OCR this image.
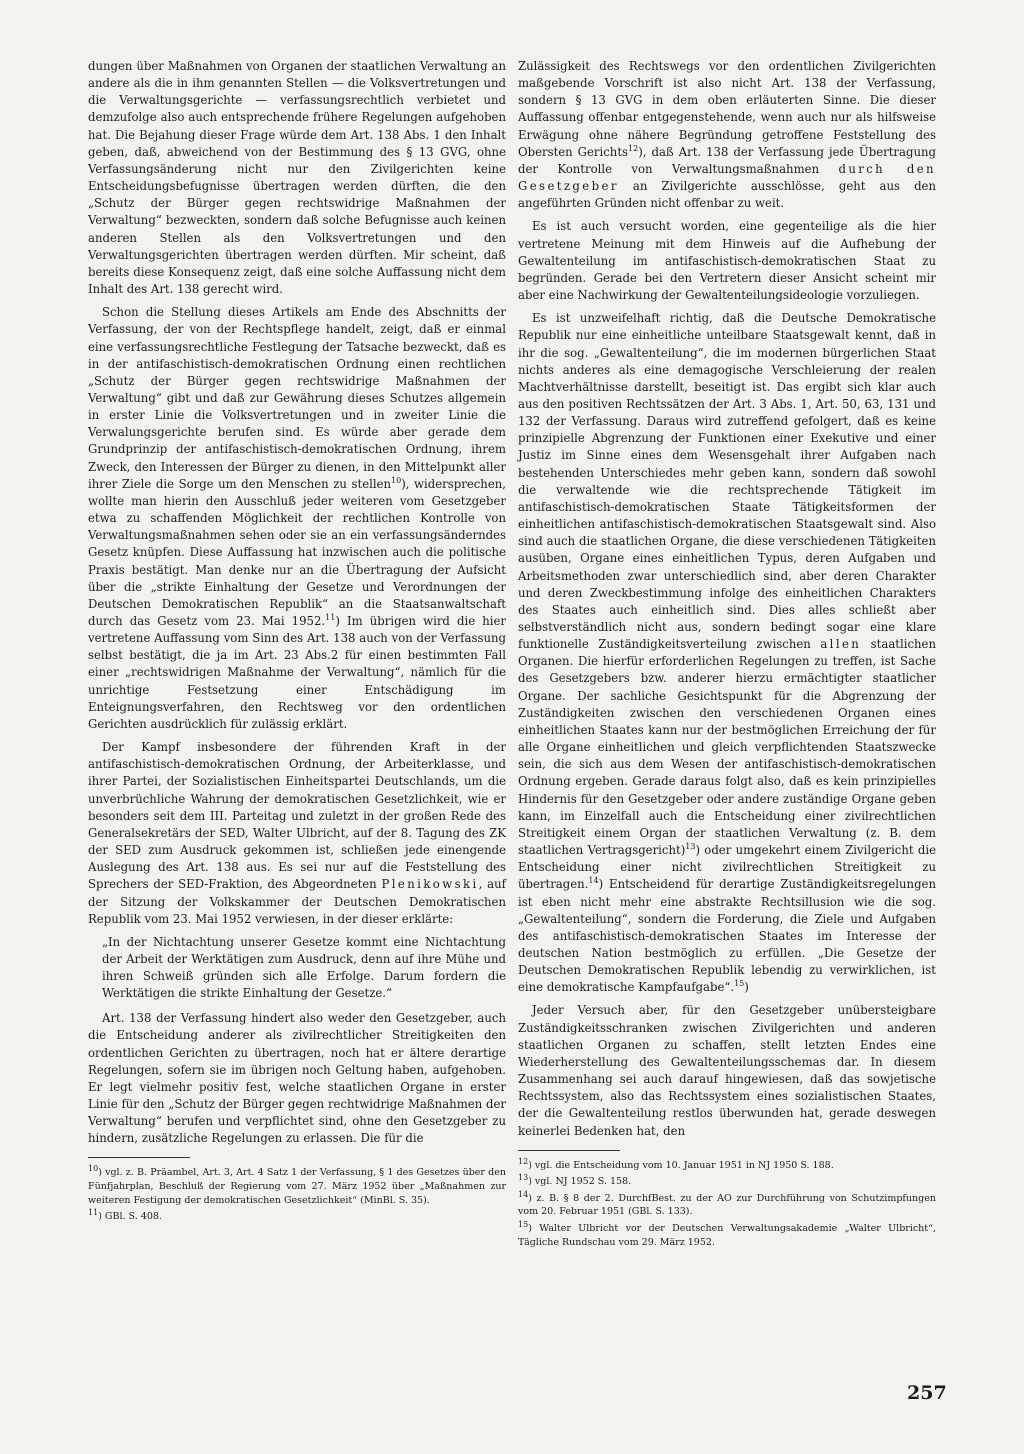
dungen über Maßnahmen von Organen der staatlichen Verwaltung an andere als die in ihm genannten Stellen — die Volksvertretungen und die Verwaltungsgerichte — verfassungsrechtlich verbietet und demzufolge also auch entsprechende frühere Regelungen aufgehoben hat. Die Bejahung dieser Frage würde dem Art. 138 Abs. 1 den Inhalt geben, daß, abweichend von der Bestimmung des § 13 GVG, ohne Verfassungsänderung nicht nur den Zivilgerichten keine Entscheidungsbefugnisse übertragen werden dürften, die den „Schutz der Bürger gegen rechtswidrige Maßnahmen der Verwaltung“ bezweckten, sondern daß solche Befugnisse auch keinen anderen Stellen als den Volksvertretungen und den Verwaltungsgerichten übertragen werden dürften. Mir scheint, daß bereits diese Konsequenz zeigt, daß eine solche Auffassung nicht dem Inhalt des Art. 138 gerecht wird.

Schon die Stellung dieses Artikels am Ende des Abschnitts der Verfassung, der von der Rechtspflege handelt, zeigt, daß er einmal eine verfassungsrechtliche Festlegung der Tatsache bezweckt, daß es in der antifaschistisch-demokratischen Ordnung einen rechtlichen „Schutz der Bürger gegen rechtswidrige Maßnahmen der Verwaltung“ gibt und daß zur Gewährung dieses Schutzes allgemein in erster Linie die Volksvertretungen und in zweiter Linie die Verwalungsgerichte berufen sind. Es würde aber gerade dem Grundprinzip der antifaschistisch-demokratischen Ordnung, ihrem Zweck, den Interessen der Bürger zu dienen, in den Mittelpunkt aller ihrer Ziele die Sorge um den Menschen zu stellen$^{10}$), widersprechen, wollte man hierin den Ausschluß jeder weiteren vom Gesetzgeber etwa zu schaffenden Möglichkeit der rechtlichen Kontrolle von Verwaltungsmaßnahmen sehen oder sie an ein verfassungsänderndes Gesetz knüpfen. Diese Auffassung hat inzwischen auch die politische Praxis bestätigt. Man denke nur an die Übertragung der Aufsicht über die „strikte Einhaltung der Gesetze und Verordnungen der Deutschen Demokratischen Republik“ an die Staatsanwaltschaft durch das Gesetz vom 23. Mai 1952.11) Im übrigen wird die hier vertretene Auffassung vom Sinn des Art. 138 auch von der Verfassung selbst bestätigt, die ja im Art. 23 Abs.2 für einen bestimmten Fall einer „rechtswidrigen Maßnahme der Verwaltung“, nämlich für die unrichtige Festsetzung einer Entschädigung im Enteignungsverfahren, den Rechtsweg vor den ordentlichen Gerichten ausdrücklich für zulässig erklärt.

Der Kampf insbesondere der führenden Kraft in der antifaschistisch-demokratischen Ordnung, der Arbeiterklasse, und ihrer Partei, der Sozialistischen Einheitspartei Deutschlands, um die unverbrüchliche Wahrung der demokratischen Gesetzlichkeit, wie er besonders seit dem III. Parteitag und zuletzt in der großen Rede des Generalsekretärs der SED, Walter Ulbricht, auf der 8. Tagung des ZK der SED zum Ausdruck gekommen ist, schließen jede einengende Auslegung des Art. 138 aus. Es sei nur auf die Feststellung des Sprechers der SED-Fraktion, des Abgeordneten Plenikowski, auf der Sitzung der Volkskammer der Deutschen Demokratischen Republik vom 23. Mai 1952 verwiesen, in der dieser erklärte:

„In der Nichtachtung unserer Gesetze kommt eine Nichtachtung der Arbeit der Werktätigen zum Ausdruck, denn auf ihre Mühe und ihren Schweiß gründen sich alle Erfolge. Darum fordern die Werktätigen die strikte Einhaltung der Gesetze.“

Art. 138 der Verfassung hindert also weder den Gesetzgeber, auch die Entscheidung anderer als zivilrechtlicher Streitigkeiten den ordentlichen Gerichten zu übertragen, noch hat er ältere derartige Regelungen, sofern sie im übrigen noch Geltung haben, aufgehoben. Er legt vielmehr positiv fest, welche staatlichen Organe in erster Linie für den „Schutz der Bürger gegen rechtwidrige Maßnahmen der Verwaltung“ berufen und verpflichtet sind, ohne den Gesetzgeber zu hindern, zusätzliche Regelungen zu erlassen. Die für die

$^{10}$) vgl. z. B. Präambel, Art. 3, Art. 4 Satz 1 der Verfassung, § 1 des Gesetzes über den Fünfjahrplan, Beschluß der Regierung vom 27. März 1952 über „Maßnahmen zur weiteren Festigung der demokratischen Gesetzlichkeit“ (MinBl. S. 35).

$^{11}$) GBl. S. 408.

Zulässigkeit des Rechtswegs vor den ordentlichen Zivilgerichten maßgebende Vorschrift ist also nicht Art. 138 der Verfassung, sondern § 13 GVG in dem oben erläuterten Sinne. Die dieser Auffassung offenbar entgegenstehende, wenn auch nur als hilfsweise Erwägung ohne nähere Begründung getroffene Feststellung des Obersten Gerichts$^{12}$), daß Art. 138 der Verfassung jede Übertragung der Kontrolle von Verwaltungsmaßnahmen durch den Gesetzgeber an Zivilgerichte ausschlösse, geht aus den angeführten Gründen nicht offenbar zu weit.

Es ist auch versucht worden, eine gegenteilige als die hier vertretene Meinung mit dem Hinweis auf die Aufhebung der Gewaltenteilung im antifaschistisch-demokratischen Staat zu begründen. Gerade bei den Vertretern dieser Ansicht scheint mir aber eine Nachwirkung der Gewaltenteilungsideologie vorzuliegen.

Es ist unzweifelhaft richtig, daß die Deutsche Demokratische Republik nur eine einheitliche unteilbare Staatsgewalt kennt, daß in ihr die sog. „Gewaltenteilung“, die im modernen bürgerlichen Staat nichts anderes als eine demagogische Verschleierung der realen Machtverhältnisse darstellt, beseitigt ist. Das ergibt sich klar auch aus den positiven Rechtssätzen der Art. 3 Abs. 1, Art. 50, 63, 131 und 132 der Verfassung. Daraus wird zutreffend gefolgert, daß es keine prinzipielle Abgrenzung der Funktionen einer Exekutive und einer Justiz im Sinne eines dem Wesensgehalt ihrer Aufgaben nach bestehenden Unterschiedes mehr geben kann, sondern daß sowohl die verwaltende wie die rechtsprechende Tätigkeit im antifaschistisch-demokratischen Staate Tätigkeitsformen der einheitlichen antifaschistisch-demokratischen Staatsgewalt sind. Also sind auch die staatlichen Organe, die diese verschiedenen Tätigkeiten ausüben, Organe eines einheitlichen Typus, deren Aufgaben und Arbeitsmethoden zwar unterschiedlich sind, aber deren Charakter und deren Zweckbestimmung infolge des einheitlichen Charakters des Staates auch einheitlich sind. Dies alles schließt aber selbstverständlich nicht aus, sondern bedingt sogar eine klare funktionelle Zuständigkeitsverteilung zwischen allen staatlichen Organen. Die hierfür erforderlichen Regelungen zu treffen, ist Sache des Gesetzgebers bzw. anderer hierzu ermächtigter staatlicher Organe. Der sachliche Gesichtspunkt für die Abgrenzung der Zuständigkeiten zwischen den verschiedenen Organen eines einheitlichen Staates kann nur der bestmöglichen Erreichung der für alle Organe einheitlichen und gleich verpflichtenden Staatszwecke sein, die sich aus dem Wesen der antifaschistisch-demokratischen Ordnung ergeben. Gerade daraus folgt also, daß es kein prinzipielles Hindernis für den Gesetzgeber oder andere zuständige Organe geben kann, im Einzelfall auch die Entscheidung einer zivilrechtlichen Streitigkeit einem Organ der staatlichen Verwaltung (z. B. dem staatlichen Vertragsgericht)$^{13}$) oder umgekehrt einem Zivilgericht die Entscheidung einer nicht zivilrechtlichen Streitigkeit zu übertragen.$^{14}$) Entscheidend für derartige Zuständigkeitsregelungen ist eben nicht mehr eine abstrakte Rechtsillusion wie die sog. „Gewaltenteilung“, sondern die Forderung, die Ziele und Aufgaben des antifaschistisch-demokratischen Staates im Interesse der deutschen Nation bestmöglich zu erfüllen. „Die Gesetze der Deutschen Demokratischen Republik lebendig zu verwirklichen, ist eine demokratische Kampfaufgabe“.$^{15}$)

Jeder Versuch aber, für den Gesetzgeber unübersteigbare Zuständigkeitsschranken zwischen Zivilgerichten und anderen staatlichen Organen zu schaffen, stellt letzten Endes eine Wiederherstellung des Gewaltenteilungsschemas dar. In diesem Zusammenhang sei auch darauf hingewiesen, daß das sowjetische Rechtssystem, also das Rechtssystem eines sozialistischen Staates, der die Gewaltenteilung restlos überwunden hat, gerade deswegen keinerlei Bedenken hat, den

$^{12}$) vgl. die Entscheidung vom 10. Januar 1951 in NJ 1950 S. 188.

$^{13}$) vgl. NJ 1952 S. 158.

$^{14}$) z. B. § 8 der 2. DurchfBest. zu der AO zur Durchführung von Schutzimpfungen vom 20. Februar 1951 (GBl. S. 133).

$^{15}$) Walter Ulbricht vor der Deutschen Verwaltungsakademie „Walter Ulbricht“, Tägliche Rundschau vom 29. März 1952.

257
